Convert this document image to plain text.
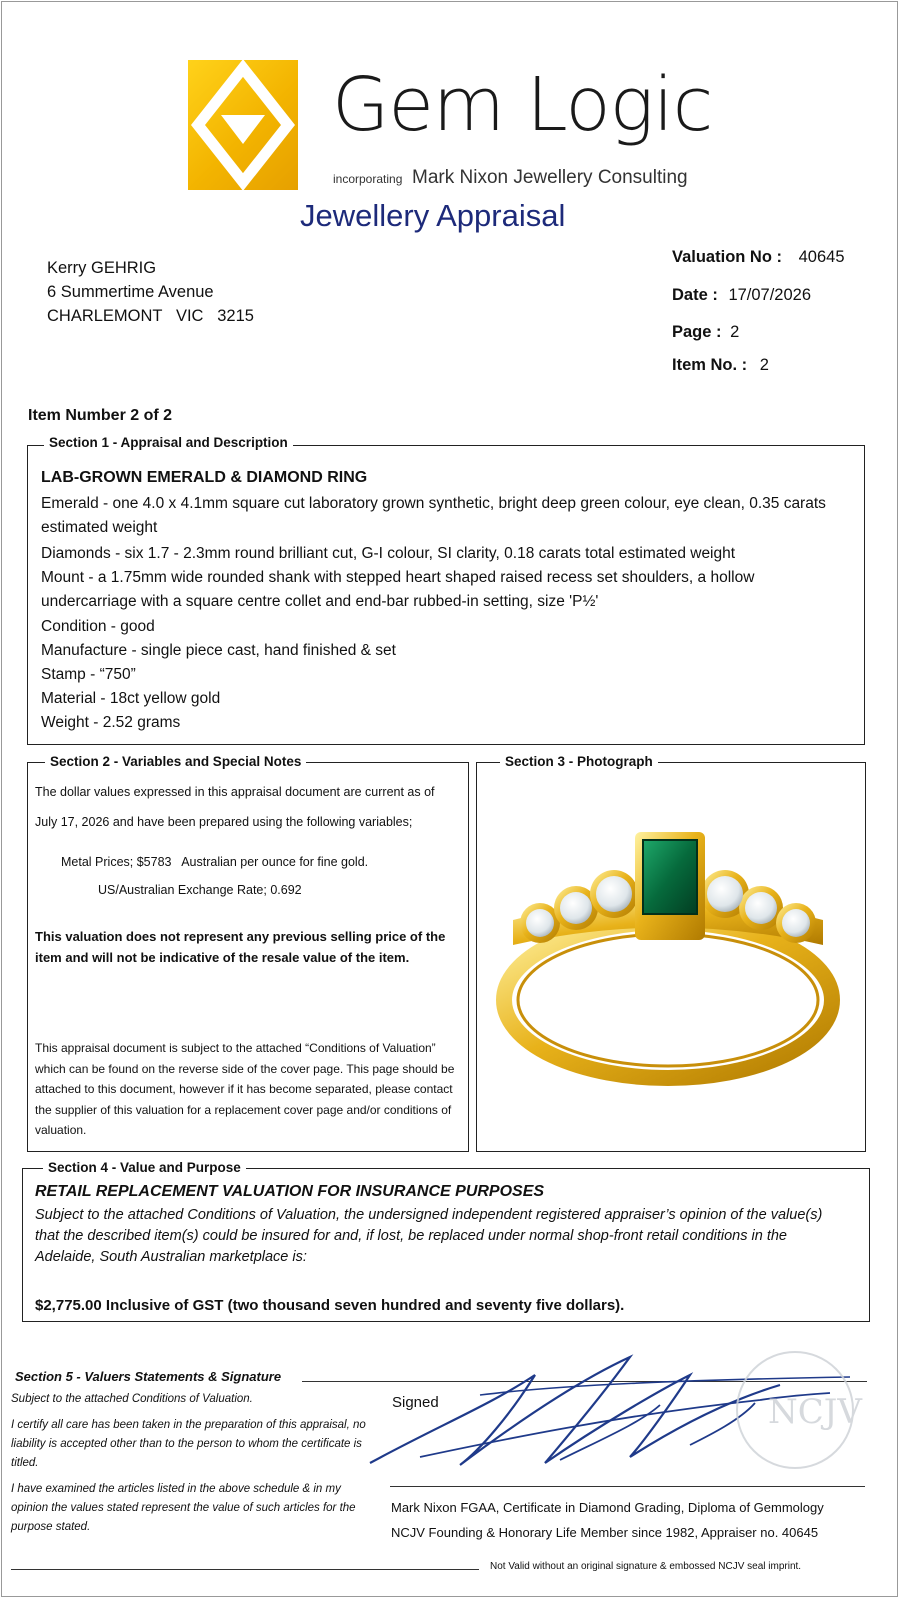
Gem Logic
incorporating Mark Nixon Jewellery Consulting
Jewellery Appraisal
Kerry GEHRIG
6 Summertime Avenue
CHARLEMONT   VIC   3215
Valuation No : 40645
Date : 17/07/2026
Page : 2
Item No. : 2
Item Number 2 of 2
Section 1 - Appraisal and Description
LAB-GROWN EMERALD & DIAMOND RING
Emerald - one 4.0 x 4.1mm square cut laboratory grown synthetic, bright deep green colour, eye clean, 0.35 carats estimated weight
Diamonds - six 1.7 - 2.3mm round brilliant cut, G-I colour, SI clarity, 0.18 carats total estimated weight
Mount - a 1.75mm wide rounded shank with stepped heart shaped raised recess set shoulders, a hollow undercarriage with a square centre collet and end-bar rubbed-in setting, size 'P½'
Condition - good
Manufacture - single piece cast, hand finished & set
Stamp - “750”
Material - 18ct yellow gold
Weight - 2.52 grams
Section 2 - Variables and Special Notes
The dollar values expressed in this appraisal document are current as of
July 17, 2026 and have been prepared using the following variables;
Metal Prices; $5783   Australian per ounce for fine gold.
US/Australian Exchange Rate; 0.692
This valuation does not represent any previous selling price of the item and will not be indicative of the resale value of the item.
This appraisal document is subject to the attached “Conditions of Valuation” which can be found on the reverse side of the cover page. This page should be attached to this document, however if it has become separated, please contact the supplier of this valuation for a replacement cover page and/or conditions of valuation.
Section 3 - Photograph
Section 4 - Value and Purpose
RETAIL REPLACEMENT VALUATION FOR INSURANCE PURPOSES
Subject to the attached Conditions of Valuation, the undersigned independent registered appraiser’s opinion of the value(s) that the described item(s) could be insured for and, if lost, be replaced under normal shop-front retail conditions in the Adelaide, South Australian marketplace is:
$2,775.00 Inclusive of GST (two thousand seven hundred and seventy five dollars).
Section 5 - Valuers Statements & Signature
Subject to the attached Conditions of Valuation.
I certify all care has been taken in the preparation of this appraisal, no liability is accepted other than to the person to whom the certificate is titled.
I have examined the articles listed in the above schedule & in my opinion the values stated represent the value of such articles for the purpose stated.
Signed	NCJV
Mark Nixon FGAA, Certificate in Diamond Grading, Diploma of Gemmology
NCJV Founding & Honorary Life Member since 1982, Appraiser no. 40645
Not Valid without an original signature & embossed NCJV seal imprint.
